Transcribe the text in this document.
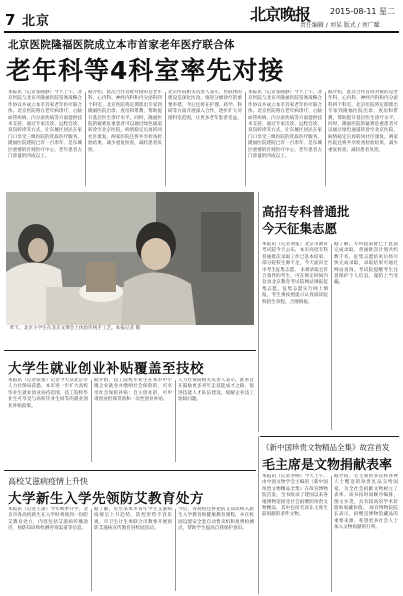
7 北京	北京晚报 2015-08-11 星二
责任编辑 / 刘某 版式 / 刘广耀
北京医院隆福医院成立本市首家老年医疗联合体
老年科等4科室率先对接
本报讯（记者张晓静）今天上午，北京医院与北京市隆福医院签署战略合作协议并成立本市首家老年医疗联合体。北京医院将在老年病诊疗、心脑血管疾病、内分泌疾病等方面提供技术支持，通过专家出诊、远程会诊、双向转诊等方式，让东城区居民在家门口享受三级医院的优质医疗服务。隆福医院建院已有一百余年，是东城区重要的区域医疗中心，老年患者占门诊量的四成以上。
据介绍，此次合作首批对接的是老年科、心内科、神经内科和内分泌科四个科室。北京医院将定期派出专家到隆福医院出诊、查房和带教，帮助提升基层医生诊疗水平。同时，隆福医院的疑难危重患者可以通过绿色通道转诊至北京医院，病情稳定后再转回社区康复。两家医院还将共享检查检验结果，减少重复检查，减轻患者负担。
北京医院相关负责人表示，医联体的建设是深化医改、推进分级诊疗的重要举措，今后还将在护理、药学、科研等方面开展深入合作，逐步扩大对接科室范围，让更多老年患者受益。
本报讯（记者张晓静）今天上午，北京医院与北京市隆福医院签署战略合作协议并成立本市首家老年医疗联合体。北京医院将在老年病诊疗、心脑血管疾病、内分泌疾病等方面提供技术支持，通过专家出诊、远程会诊、双向转诊等方式，让东城区居民在家门口享受三级医院的优质医疗服务。隆福医院建院已有一百余年，是东城区重要的区域医疗中心，老年患者占门诊量的四成以上。
据介绍，此次合作首批对接的是老年科、心内科、神经内科和内分泌科四个科室。北京医院将定期派出专家到隆福医院出诊、查房和带教，帮助提升基层医生诊疗水平。同时，隆福医院的疑难危重患者可以通过绿色通道转诊至北京医院，病情稳定后再转回社区康复。两家医院还将共享检查检验结果，减少重复检查，减轻患者负担。
昨天，北京小学生在北京文博会上体验传统手工艺。本报记者 摄
高招专科普通批
今天征集志愿
本报讯（记者刘冕）北京市教育考试院今天公布，本市高招专科普通批次录取工作已基本结束，部分院校生源不足，今天面向全市考生征集志愿。 未被录取且符合条件的考生，可在规定时间内登录北京教育考试院网站填报征集志愿。征集志愿实行网上填报，考生须按照提示认真阅读院校招生章程，合理填报。
据了解，专科提前批已于此前完成录取，普通批次计划共约数千名，征集志愿结束后将尽快完成录取，录取结果可通过网站查询。考试院提醒考生注意保护个人信息，谨防上当受骗。
大学生就业创业补贴覆盖至技校
本报讯（记者张蕾）记者今天从北京市人力社保局获悉，本市进一步扩大高校毕业生就业创业扶持范围，技工院校毕业生可享受与高校毕业生同等的就业创业补贴政策。
据介绍，技工院校毕业生在本市中小微企业就业并缴纳社会保险的，可享受社会保险补贴；自主创业的，可申请创业担保贷款和一次性创业补贴。
人力社保局相关负责人表示，此举旨在鼓励更多青年走技能成才之路，促进技能人才队伍建设，缓解企业技工短缺问题。
高校艾滋病疫情上升快
大学新生入学先领防艾教育处方
本报讯（记者王蔷）今年秋季开学，北京市各高校新生在入学时将领到一份防艾教育处方，内容包括艾滋病传播途径、预防知识和检测咨询渠道等信息。
据了解，近年来本市青年学生艾滋病疫情呈上升趋势，防控形势不容乐观。市卫生计生委联合市教委开展预防艾滋病宣传教育进校园活动。
今后，各高校还将把防艾知识纳入新生入学教育和健康教育课程，并在校园设置安全套自动售卖机和免费检测点，帮助学生提高自我保护意识。
《新中国珍贵文物精品全集》故宫首发
毛主席是文物捐献表率
本报讯（记者李俐）今天上午，由中国文物学会主编的《新中国珍贵文物精品全集》在故宫博物院首发。全书收录了建国以来各地博物馆接受社会捐赠的珍贵文物精品，其中包括毛泽东主席生前捐献的多件文物。
据介绍，毛主席曾多次将各界人士赠送的珍贵礼品交给国家，为全社会捐献文物树立了表率。该书按时间顺序编排，图文并茂，具有较高的学术价值和收藏价值。 故宫博物院院长表示，捐赠是博物馆藏品的重要来源，希望更多社会人士加入文物捐献的行列。
